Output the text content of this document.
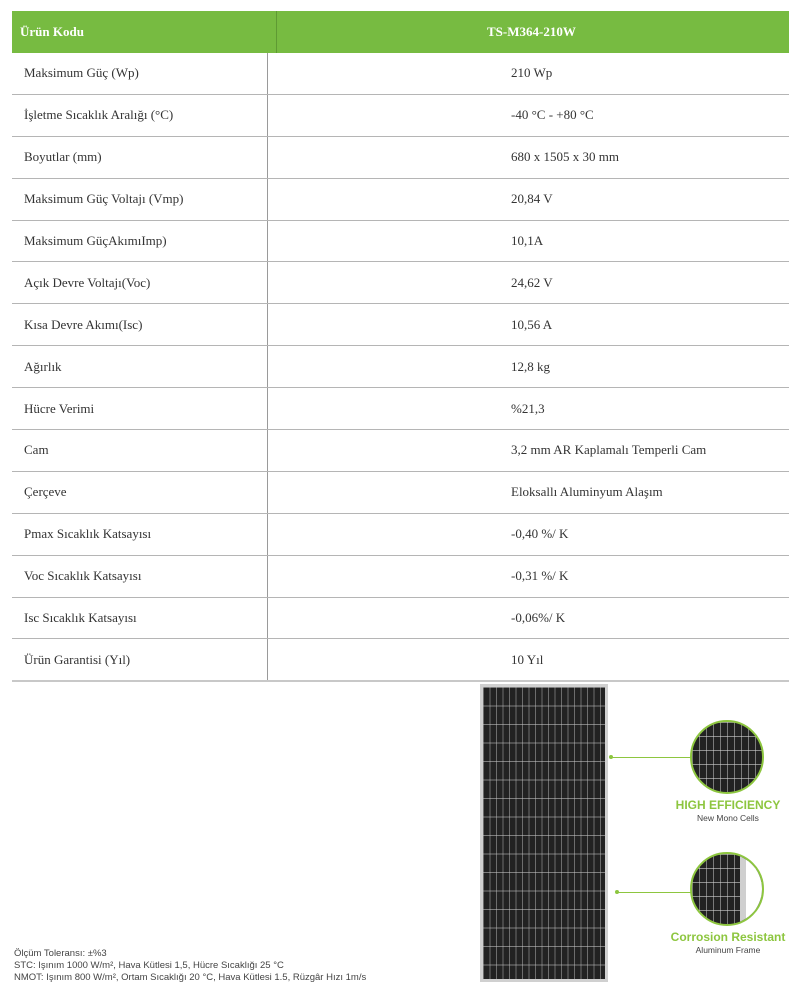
Ürün Kodu	TS-M364-210W
Maksimum Güç (Wp)	210 Wp
İşletme Sıcaklık Aralığı (°C)	-40 °C - +80 °C
Boyutlar (mm)	680 x 1505 x 30 mm
Maksimum Güç Voltajı (Vmp)	20,84 V
Maksimum GüçAkımıImp)	10,1A
Açık Devre Voltajı(Voc)	24,62 V
Kısa Devre Akımı(Isc)	10,56 A
Ağırlık	12,8 kg
Hücre Verimi	%21,3
Cam	3,2 mm AR Kaplamalı Temperli Cam
Çerçeve	Eloksallı Aluminyum Alaşım
Pmax Sıcaklık Katsayısı	-0,40 %/ K
Voc Sıcaklık Katsayısı	-0,31 %/ K
Isc Sıcaklık Katsayısı	-0,06%/ K
Ürün Garantisi (Yıl)	10 Yıl
Ölçüm Toleransı: ±%3
STC: Işınım 1000 W/m², Hava Kütlesi 1,5, Hücre Sıcaklığı 25 °C
NMOT: Işınım 800 W/m², Ortam Sıcaklığı 20 °C, Hava Kütlesi 1.5, Rüzgâr Hızı 1m/s
HIGH EFFICIENCY
New Mono Cells
Corrosion Resistant
Aluminum Frame
